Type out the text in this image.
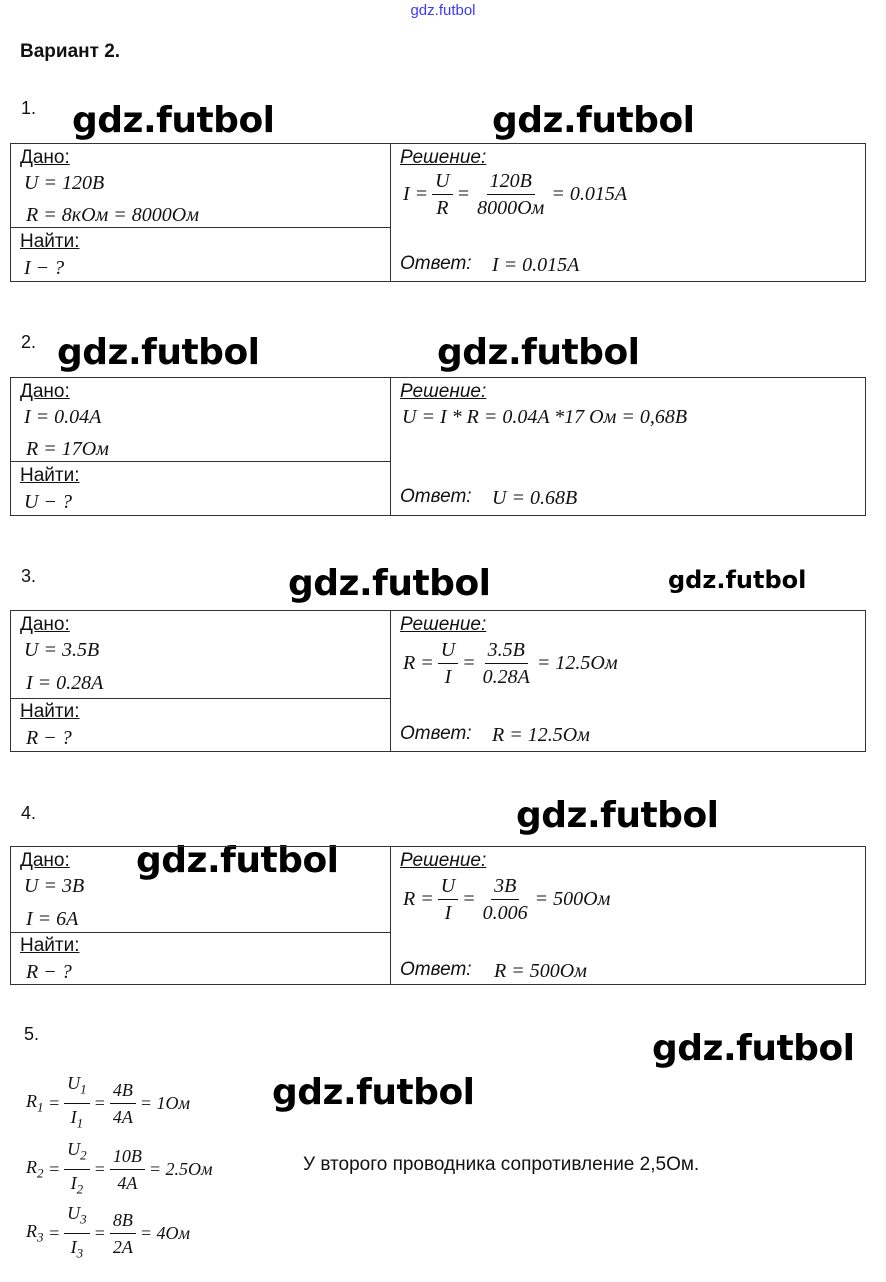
gdz.futbol
Вариант 2.
1. gdz.futbol	gdz.futbol
Дано:
U = 120B
R = 8кОм = 8000Ом
Найти:
I − ?
Решение:
$I = \frac{U}{R}$ =
120B
8000Ом
= 0.015A
Ответ: I = 0.015A
2. gdz.futbol	gdz.futbol
Дано:
I = 0.04A
R = 17Ом
Найти:
U − ?
Решение:
U = I * R = 0.04A *17 Ом = 0,68В
Ответ: U = 0.68B
3.	gdz.futbol	gdz.futbol
Дано:
U = 3.5B
I = 0.28A
Найти:
R − ?
Решение:
$R = \frac{U}{I} = \frac{3.5B}{0.28A} = 12.5Ом$
Ответ: R = 12.5Ом
4.	gdz.futbol
gdz.futbol
Дано:
U = 3B
I = 6A
Найти:
R − ?
Решение:
$R = \frac{U}{I} = \frac{3B}{0.006} = 500Ом$
Ответ: R = 500Ом
5.	gdz.futbol
gdz.futbol
$R_1 = \frac{U_1}{I_1} = \frac{4B}{4A} = 1Ом$
$R_2 = \frac{U_2}{I_2} = \frac{10B}{4A} = 2.5Ом$
$R_3 = \frac{U_3}{I_3} = \frac{8B}{2A} = 4Ом$
У второго проводника сопротивление 2,5Ом.
